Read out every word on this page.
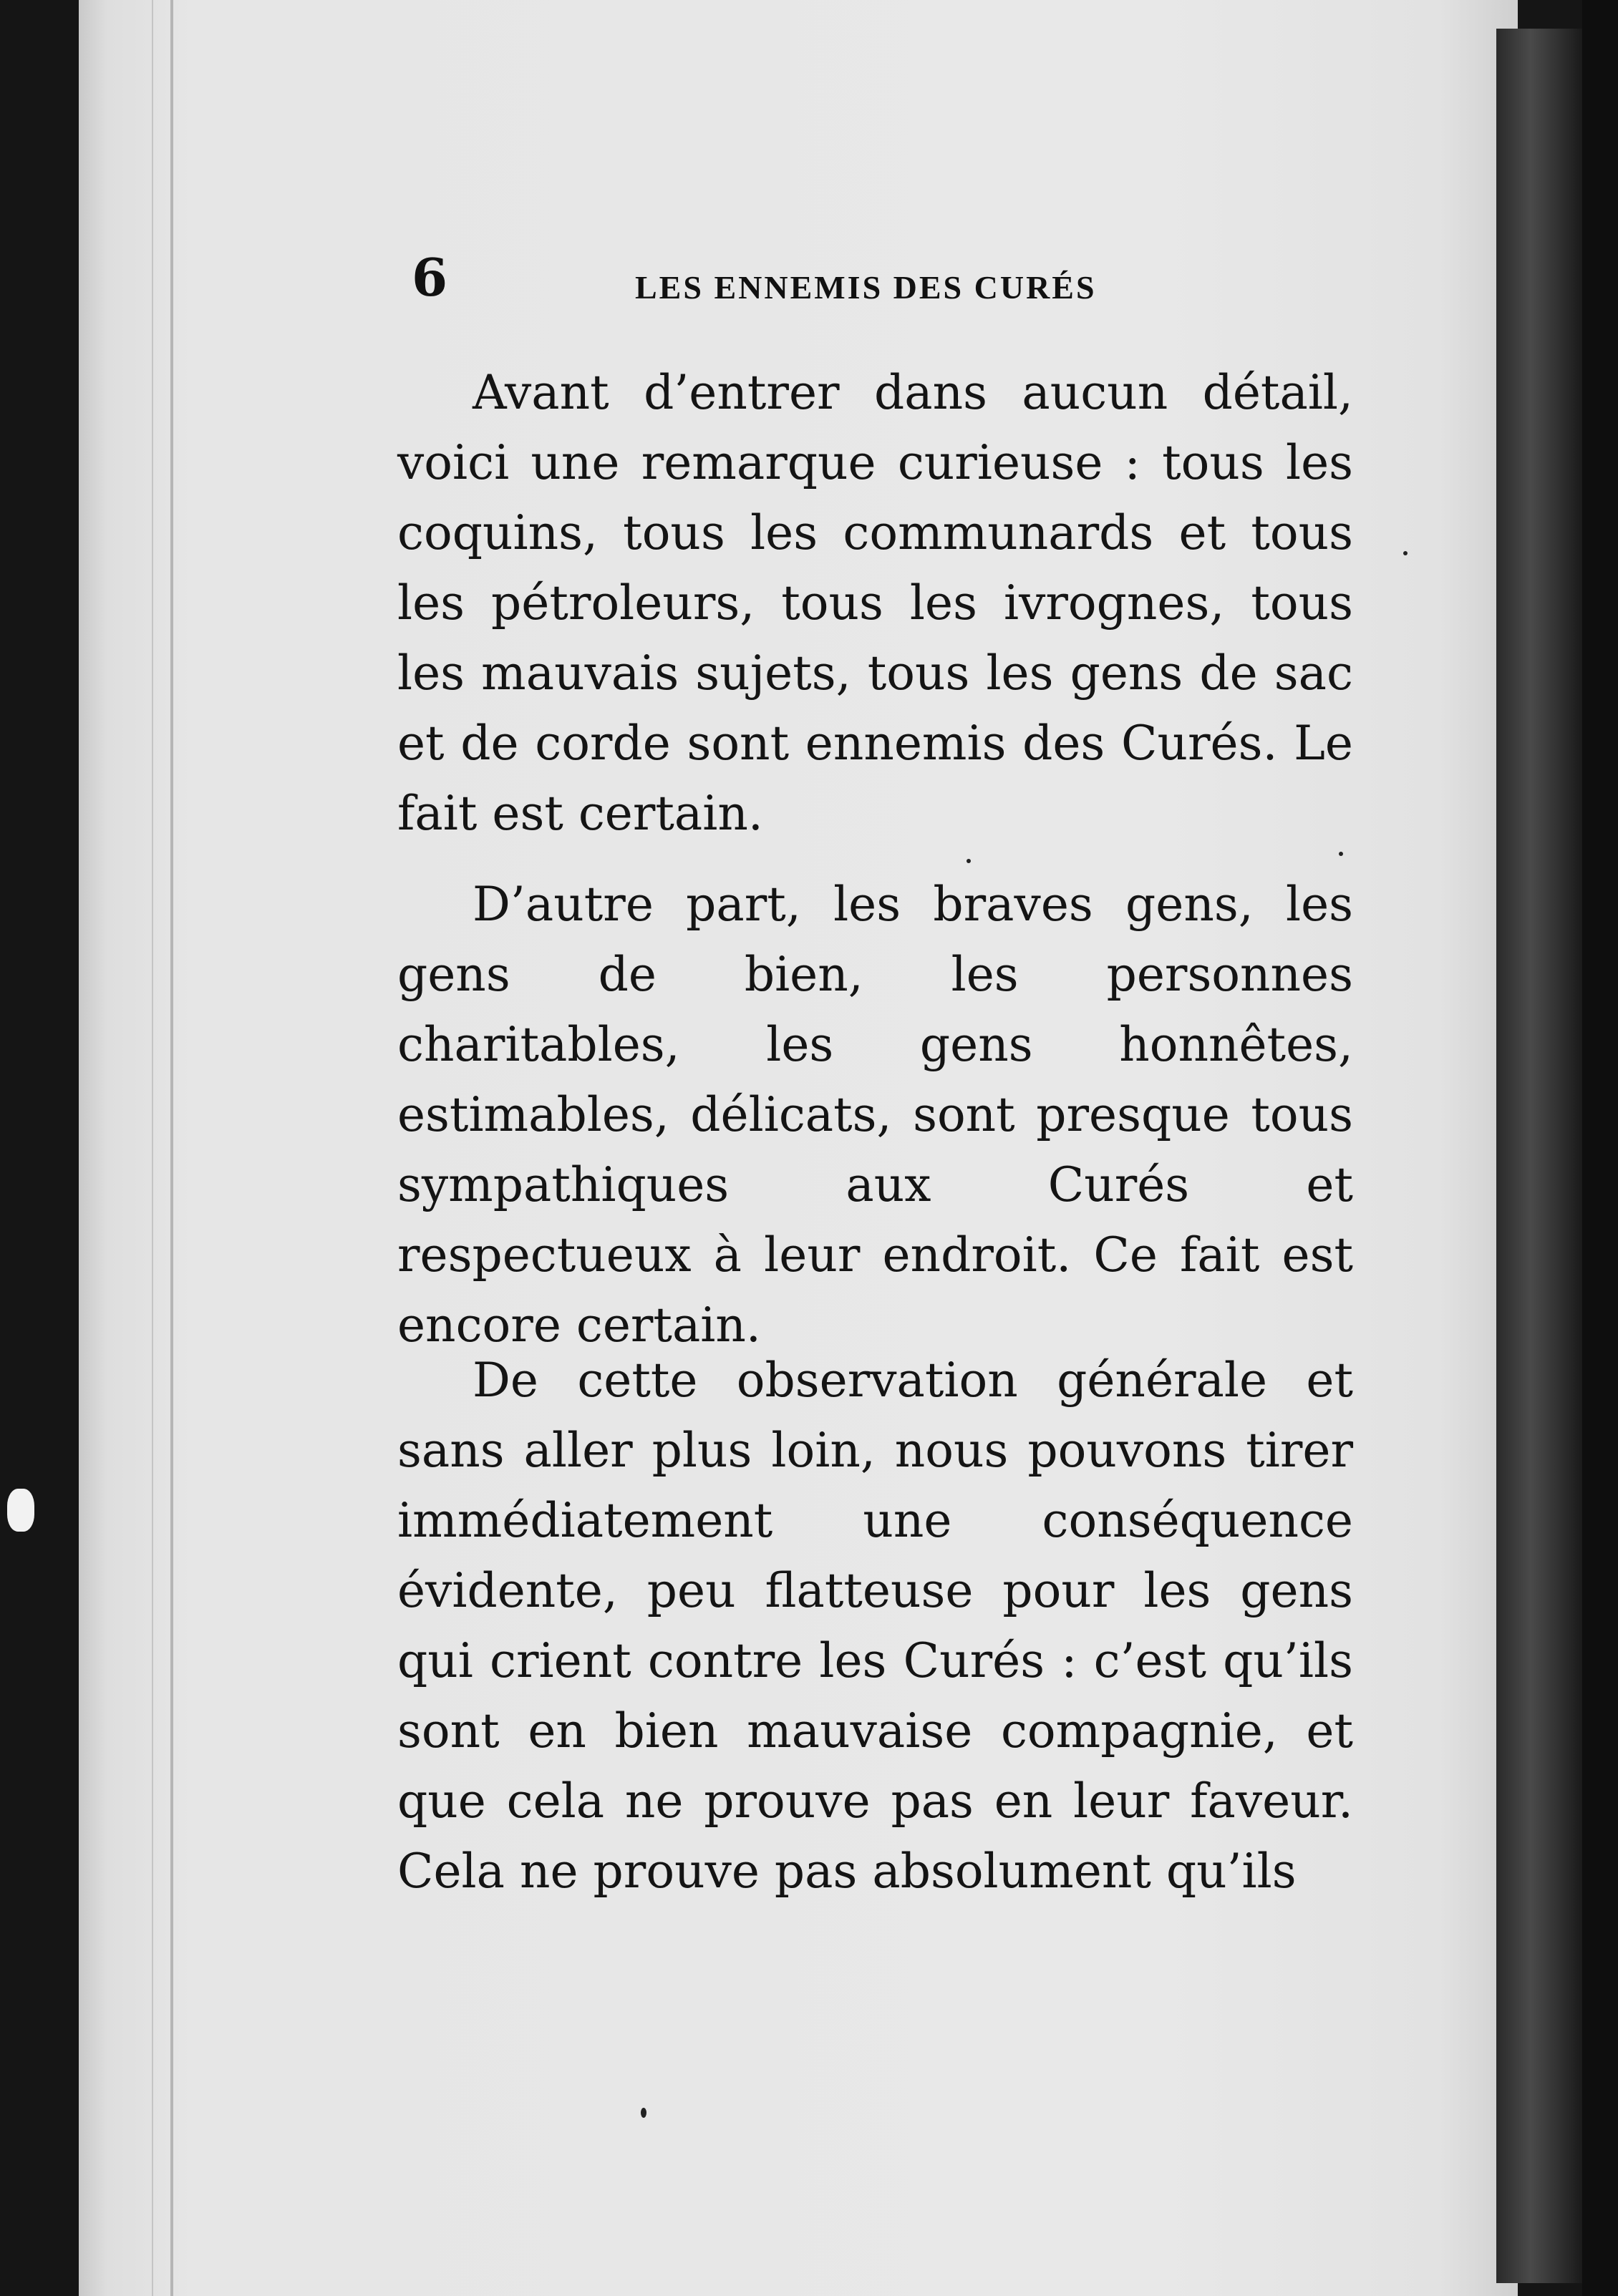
6	LES ENNEMIS DES CURÉS

Avant d’entrer dans aucun détail, voici une remarque curieuse : tous les coquins, tous les communards et tous les pétroleurs, tous les ivrognes, tous les mauvais sujets, tous les gens de sac et de corde sont ennemis des Curés. Le fait est certain.

D’autre part, les braves gens, les gens de bien, les personnes charitables, les gens honnêtes, estimables, délicats, sont presque tous sympathiques aux Curés et respectueux à leur endroit. Ce fait est encore certain.

De cette observation générale et sans aller plus loin, nous pouvons tirer immédiatement une conséquence évidente, peu flatteuse pour les gens qui crient contre les Curés : c’est qu’ils sont en bien mauvaise compagnie, et que cela ne prouve pas en leur faveur. Cela ne prouve pas absolument qu’ils
